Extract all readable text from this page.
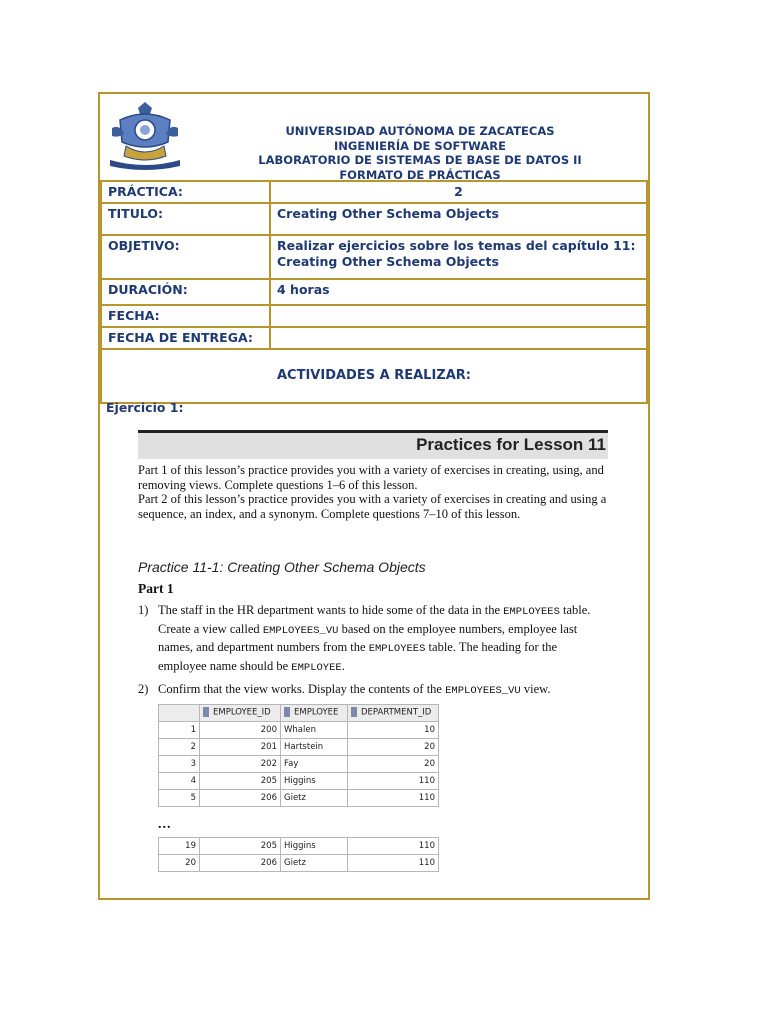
UNIVERSIDAD AUTÓNOMA DE ZACATECAS
INGENIERÍA DE SOFTWARE
LABORATORIO DE SISTEMAS DE BASE DE DATOS II
FORMATO DE PRÁCTICAS
PRÁCTICA:	2
TITULO:	Creating Other Schema Objects
OBJETIVO:	Realizar ejercicios sobre los temas del capítulo 11: Creating Other Schema Objects
DURACIÓN:	4 horas
FECHA:	
FECHA DE ENTREGA:	
ACTIVIDADES A REALIZAR:	
Ejercicio 1:
Practices for Lesson 11
Part 1 of this lesson’s practice provides you with a variety of exercises in creating, using, and removing views. Complete questions 1–6 of this lesson.
Part 2 of this lesson’s practice provides you with a variety of exercises in creating and using a sequence, an index, and a synonym. Complete questions 7–10 of this lesson.
Practice 11-1: Creating Other Schema Objects
Part 1
1) The staff in the HR department wants to hide some of the data in the EMPLOYEES table. Create a view called EMPLOYEES_VU based on the employee numbers, employee last names, and department numbers from the EMPLOYEES table. The heading for the employee name should be EMPLOYEE.
2) Confirm that the view works. Display the contents of the EMPLOYEES_VU view.
	EMPLOYEE_ID	EMPLOYEE	DEPARTMENT_ID
1	200	Whalen	10
2	201	Hartstein	20
3	202	Fay	20
4	205	Higgins	110
5	206	Gietz	110
...
19	205	Higgins	110
20	206	Gietz	110
